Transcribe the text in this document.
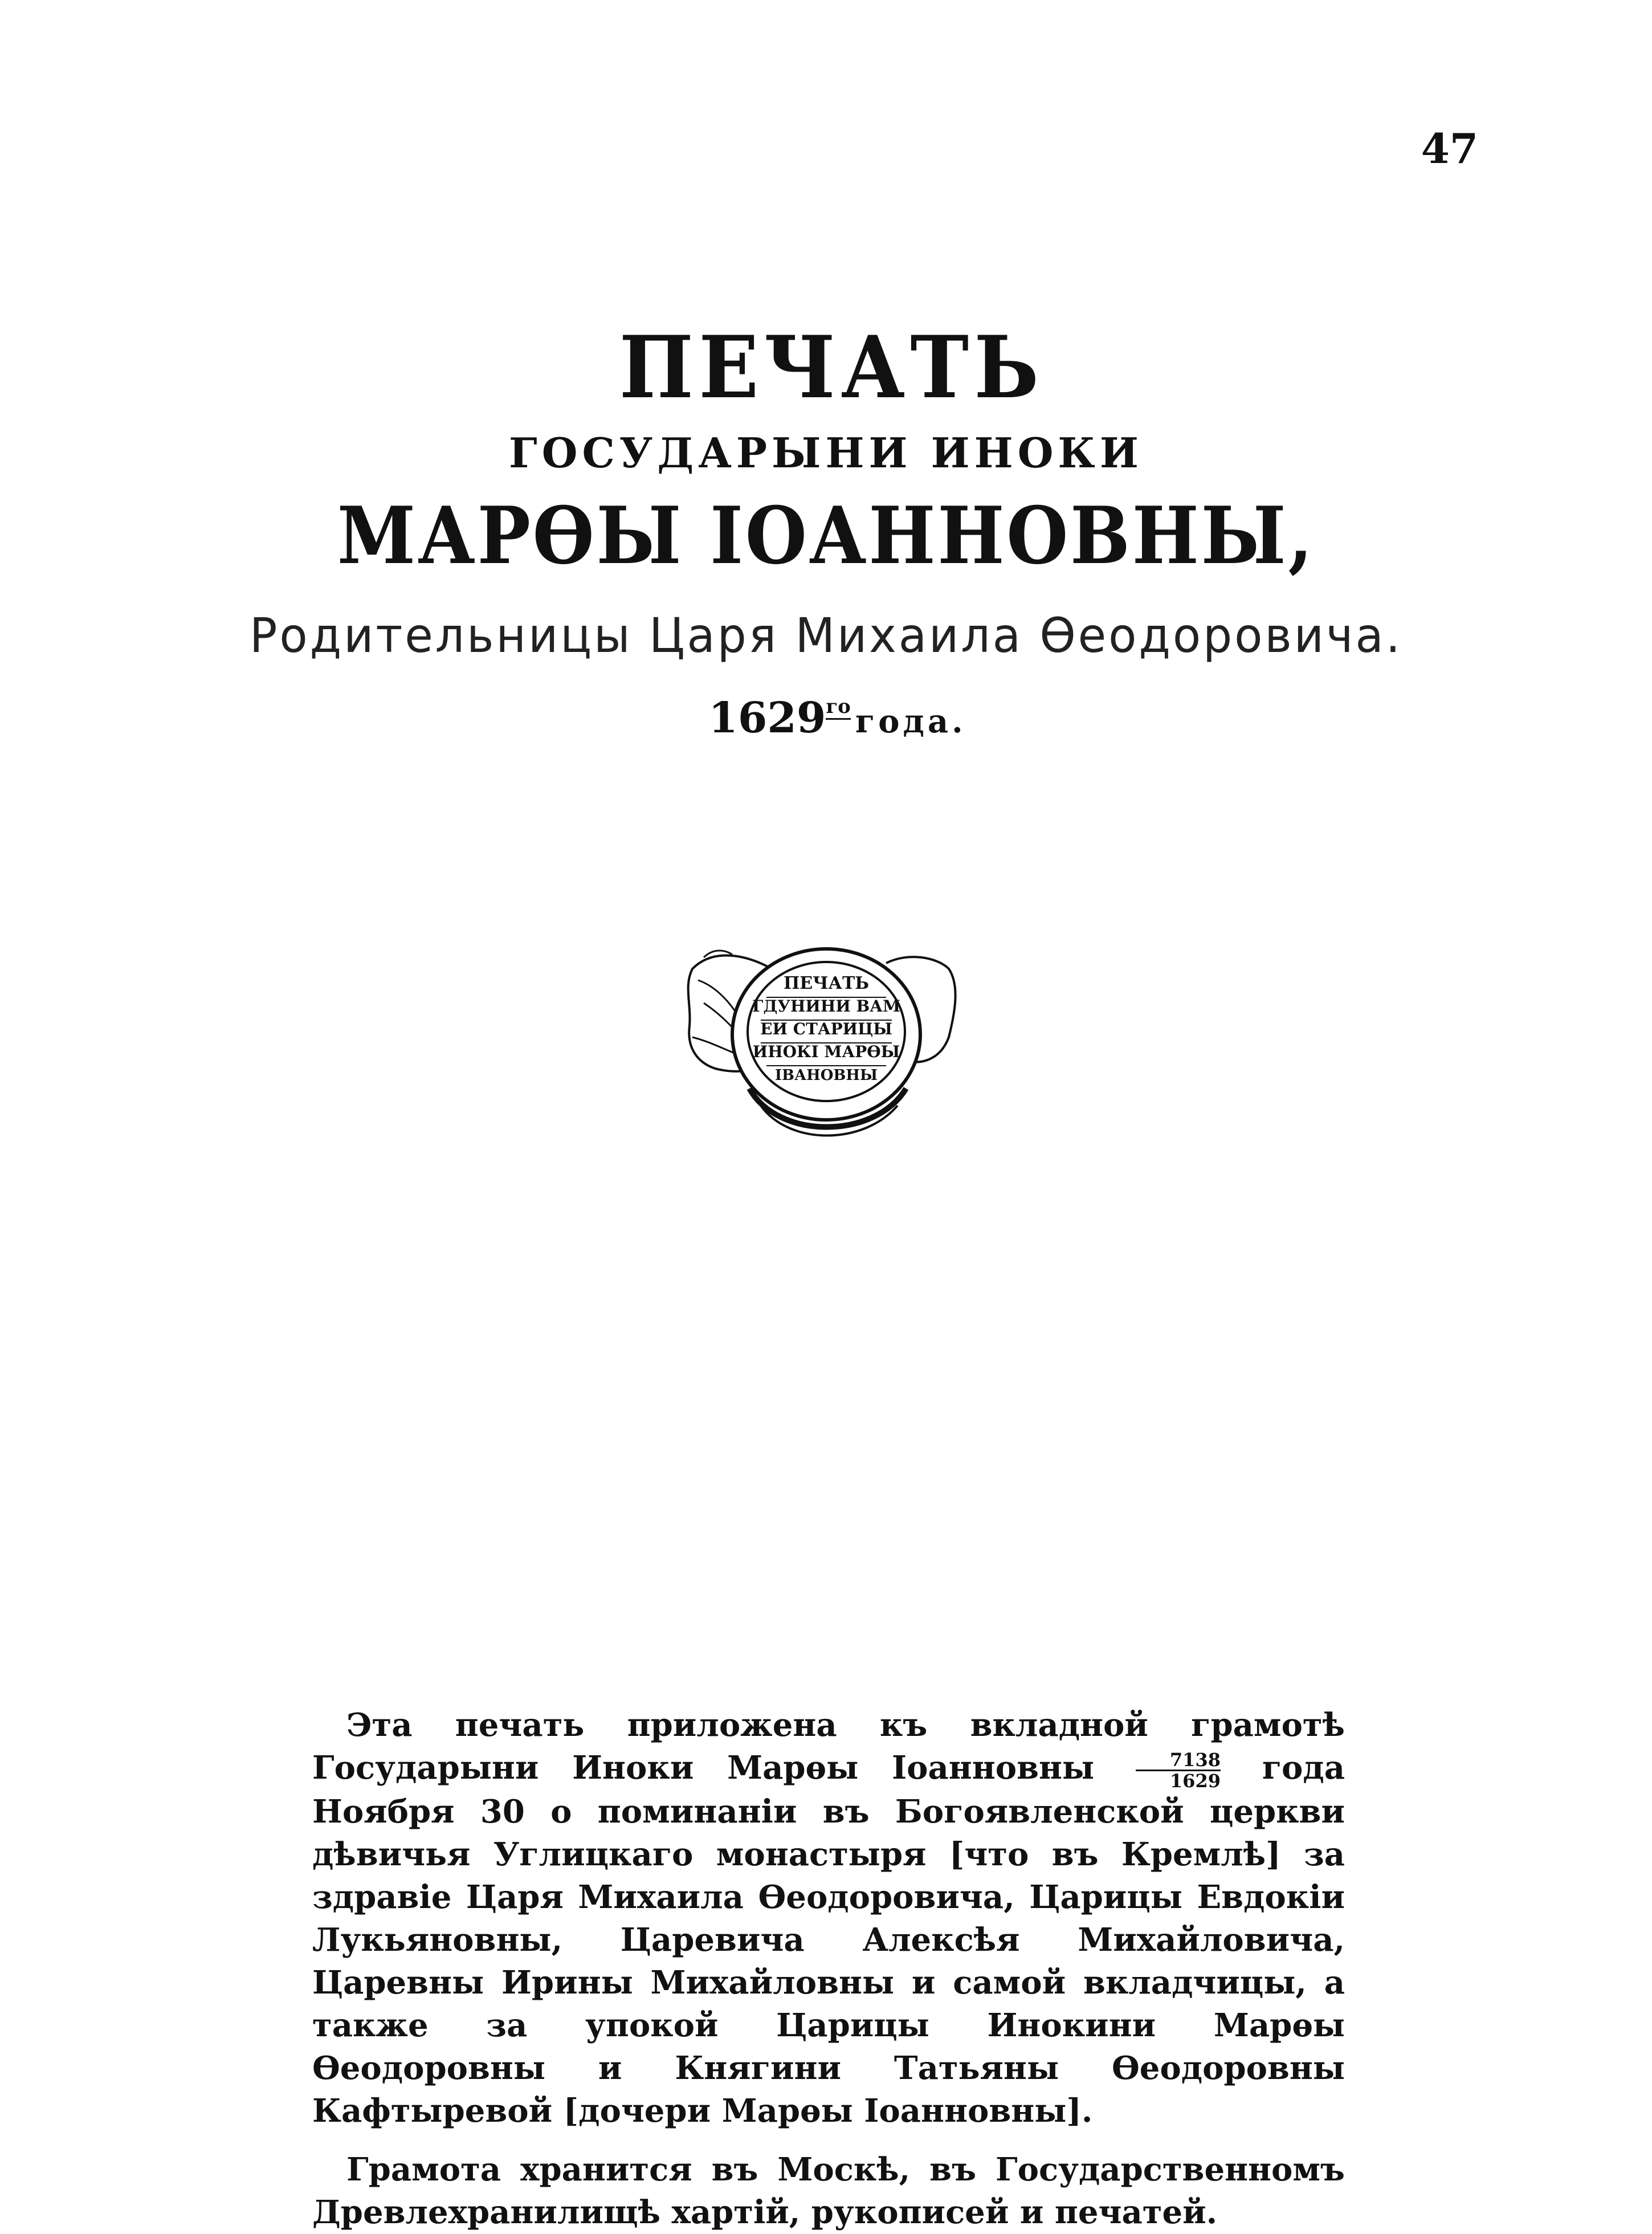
47
ПЕЧАТЬ
ГОСУДАРЫНИ ИНОКИ
МАРѲЫ ІОАННОВНЫ,
Родительницы Царя Михаила Ѳеодоровича.
$1629^{го}$ года.
ПЕЧАТЬ
ГДУНИНИ ВАМ
ЕИ СТАРИЦЫ
ИНОКІ МАРѲЫ
ІВАНОВНЫ

Эта печать приложена къ вкладной грамотѣ Государыни Иноки Марѳы Іоанновны $\frac{7138}{1629}$ года Ноября 30 о поминаніи въ Богоявленской церкви дѣвичья Углицкаго монастыря [что въ Кремлѣ] за здравіе Царя Михаила Ѳеодоровича, Царицы Евдокіи Лукьяновны, Царевича Алексѣя Михайловича, Царевны Ирины Михайловны и самой вкладчицы, а также за упокой Царицы Инокини Марѳы Ѳеодоровны и Княгини Татьяны Ѳеодоровны Кафтыревой [дочери Марѳы Іоанновны].

Грамота хранится въ Москѣ, въ Государственномъ Древлехранилищѣ хартій, рукописей и печатей.
